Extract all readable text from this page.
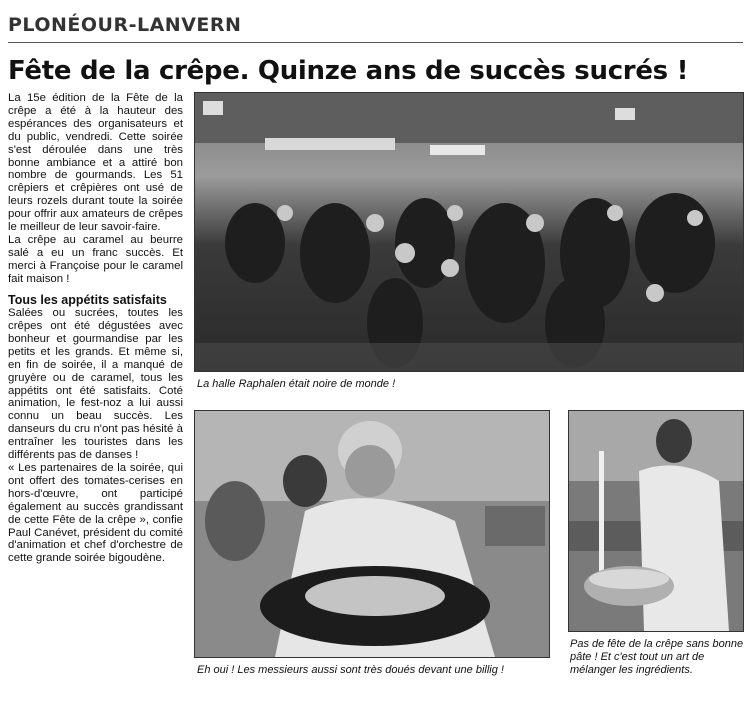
PLONÉOUR-LANVERN
Fête de la crêpe. Quinze ans de succès sucrés !

La 15e édition de la Fête de la crêpe a été à la hauteur des espérances des organisateurs et du public, vendredi. Cette soirée s'est déroulée dans une très bonne ambiance et a attiré bon nombre de gourmands. Les 51 crêpiers et crêpières ont usé de leurs rozels durant toute la soirée pour offrir aux amateurs de crêpes le meilleur de leur savoir-faire.

La crêpe au caramel au beurre salé a eu un franc succès. Et merci à Françoise pour le caramel fait maison !

Tous les appétits satisfaits

Salées ou sucrées, toutes les crêpes ont été dégustées avec bonheur et gourmandise par les petits et les grands. Et même si, en fin de soirée, il a manqué de gruyère ou de caramel, tous les appétits ont été satisfaits. Coté animation, le fest-noz a lui aussi connu un beau succès. Les danseurs du cru n'ont pas hésité à entraîner les touristes dans les différents pas de danses !

« Les partenaires de la soirée, qui ont offert des tomates-cerises en hors-d'œuvre, ont participé également au succès grandissant de cette Fête de la crêpe », confie Paul Canévet, président du comité d'animation et chef d'orchestre de cette grande soirée bigoudène.

La halle Raphalen était noire de monde !
Eh oui ! Les messieurs aussi sont très doués devant une billig !
Pas de fête de la crêpe sans bonne pâte ! Et c'est tout un art de mélanger les ingrédients.
